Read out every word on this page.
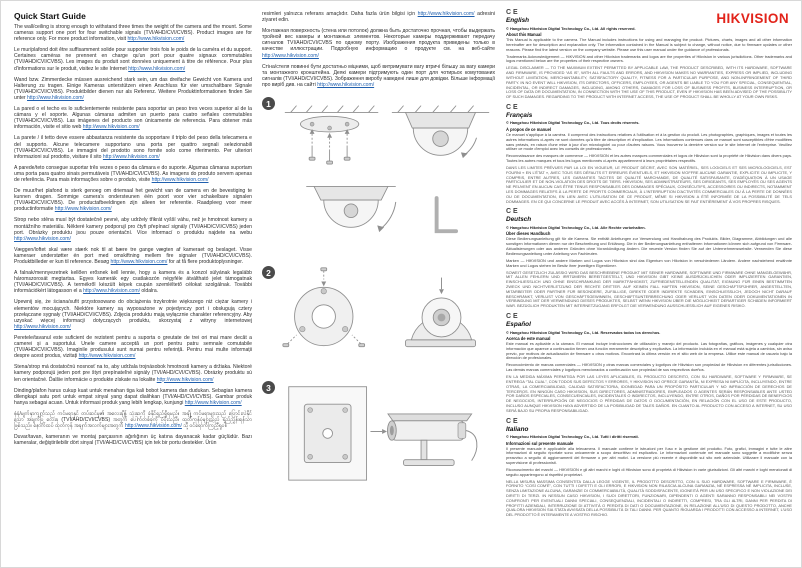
Quick Start Guide

The wall/ceiling is strong enough to withstand three times the weight of the camera and the mount. Some cameras support one port for four switchable signals (TVI/AHD/CVI/CVBS). Product images are for reference only. For more product information, visit http://www.hikvision.com/

Le mur/plafond doit être suffisamment solide pour supporter trois fois le poids de la caméra et du support. Certaines caméras ne prennent en charge qu'un port pour quatre signaux commutables (TVI/AHD/CVI/CVBS). Les images du produit sont données uniquement à titre de référence. Pour plus d'informations sur le produit, visitez le site Internet http://www.hikvision.com/

Wand bzw. Zimmerdecke müssen ausreichend stark sein, um das dreifache Gewicht von Kamera und Halterung zu tragen. Einige Kameras unterstützen einen Anschluss für vier umschaltbare Signale (TVI/AHD/CVI/CVBS). Produktbilder dienen nur als Referenz. Weitere Produktinformationen finden Sie unter http://www.hikvision.com/

La pared o el techo es lo suficientemente resistente para soportar un peso tres veces superior al de la cámara y el soporte. Algunas cámaras admiten un puerto para cuatro señales conmutables (TVI/AHD/CVI/CVBS). Las imágenes del producto son únicamente de referencia. Para obtener más información, visite el sitio web http://www.hikvision.com/

La parete / il tetto deve essere abbastanza resistente da sopportare il triplo del peso della telecamera e del supporto. Alcune telecamere supportano una porta per quattro segnali selezionabili (TVI/AHD/CVI/CVBS). Le immagini del prodotto sono fornite solo come riferimento. Per ulteriori informazioni sul prodotto, visitare il sito http://www.hikvision.com/

A parede/teto consegue suportar três vezes o peso da câmara e do suporte. Algumas câmaras suportam uma porta para quatro sinais permutáveis (TVI/AHD/CVI/CVBS). As imagens do produto servem apenas de referência. Para mais informações sobre o produto, visite http://www.hikvision.com/

De muur/het plafond is sterk genoeg om driemaal het gewicht van de camera en de bevestiging te kunnen dragen. Sommige camera's ondersteunen één poort voor vier schakelbare signalen (TVI/AHD/CVI/CVBS). De productafbeeldingen zijn alleen ter referentie. Raadpleeg voor meer productinformatie http://www.hikvision.com/

Strop nebo stěna musí být dostatečně pevné, aby udržely třikrát vyšší váhu, než je hmotnost kamery a montážního materiálu. Některé kamery podporují pro čtyři přepínací signály (TVI/AHD/CVI/CVBS) jeden port. Obrázky produktu jsou pouze orientační. Více informací o produktu najdete na webu http://www.hikvision.com/

Væggen/loftet skal være stærk nok til at bære tre gange vægten af kameraet og beslaget. Visse kameraer understøtter én port med omskiftning mellem fire signaler (TVI/AHD/CVI/CVBS). Produktbilleder er kun til reference. Besøg http://www.hikvision.com/ for at få flere produktoplysninger.

A falnak/mennyezetnek kellően erősnek kell lennie, hogy a kamera és a konzol súlyának legalább háromszorosát megtartsa. Egyes kamerák egy csatlakozón négyféle átváltható jelet támogatnak (TVI/AHD/CVI/CVBS). A termékről készült képek csupán szemléltető célokat szolgálnak. További információkért látogasson el a http://www.hikvision.com/ oldalra.

Upewnij się, że ściana/sufit przystosowano do obciążenia trzykrotnie większego niż ciężar kamery i elementów mocujących. Niektóre kamery są wyposażone w pojedynczy port i obsługują cztery przełączane sygnały (TVI/AHD/CVI/CVBS). Zdjęcia produktu mają wyłącznie charakter referencyjny. Aby uzyskać więcej informacji dotyczących produktu, skorzystaj z witryny internetowej http://www.hikvision.com/

Peretele/tavanul este suficient de rezistent pentru a suporta o greutate de trei ori mai mare decât a camerei și a suportului. Unele camere acceptă un port pentru patru semnale comutabile (TVI/AHD/CVI/CVBS). Imaginile produsului sunt numai pentru referință. Pentru mai multe informații despre acest produs, vizitați http://www.hikvision.com/

Stena/strop má dostatočnú nosnosť na to, aby udržala trojnásobok hmotnosti kamery a držiaka. Niektoré kamery podporujú jeden port pre štyri prepínateľné signály (TVI/AHD/CVI/CVBS). Obrázky produktu sú len orientačné. Ďalšie informácie o produkte získate na lokalite http://www.hikvision.com/

Dinding/plafon harus cukup kuat untuk menahan tiga kali bobot kamera dan dudukan. Sebagian kamera dilengkapi satu port untuk empat sinyal yang dapat dialihkan (TVI/AHD/CVI/CVBS). Gambar produk hanya sebagai acuan. Untuk informasi produk yang lebih lengkap, kunjungi http://www.hikvision.com/

နံရံ/မျက်နှာကျက်သည် ကင်မရာနှင့် တပ်ဆင်မှု၏ အလေးချိန် သုံးဆကို ခံနိုင်ရည်ရှိရမည်။ အချို့ ကင်မရာများသည် ပြောင်းလဲနိုင်သော အချက်ပြ လေးခု (TVI/AHD/CVI/CVBS) အတွက် ပေါက်တစ်ခုကို ပံ့ပိုးသည်။ ထုတ်ကုန်ပုံများသည် ရည်ညွှန်းရန်သာ ဖြစ်သည်။ နောက်ထပ် ထုတ်ကုန် အချက်အလက်များအတွက် http://www.hikvision.com/ သို့ ဝင်ရောက်ကြည့်ရှုပါ။

Duvar/tavan, kameranın ve montaj parçasının ağırlığının üç katına dayanacak kadar güçlüdür. Bazı kameralar, değiştirilebilir dört sinyal (TVI/AHD/CVI/CVBS) için tek bir portu destekler. Ürün

resimleri yalnızca referans amaçlıdır. Daha fazla ürün bilgisi için http://www.hikvision.com/ adresini ziyaret edin.

Монтажная поверхность (стена или потолок) должна быть достаточно прочная, чтобы выдержать тройной вес камеры и монтажных элементов. Некоторые камеры поддерживают передачу сигналов TVI/AHD/CVI/CVBS по одному порту. Изображения продукта приведены только в качестве иллюстрации. Подробную информацию о продукте см. на веб-сайте http://www.hikvision.com/

Стіна/стеля повинні бути достатньо міцними, щоб витримувати вагу втричі більшу за вагу камери та монтажного кронштейна. Деякі камери підтримують один порт для чотирьох комутованих сигналів (TVI/AHD/CVI/CVBS). Зображення виробу наведені лише для довідки. Більше інформації про виріб див. на сайті http://www.hikvision.com/

1
2
3
HIKVISION
CE
English
© Hangzhou Hikvision Digital Technology Co., Ltd. All rights reserved.
About this Manual

This Manual is applicable to the camera. The Manual includes instructions for using and managing the product. Pictures, charts, images and all other information hereinafter are for description and explanation only. The information contained in the Manual is subject to change, without notice, due to firmware updates or other reasons. Please find the latest version on the company website. Please use this user manual under the guidance of professionals.

Trademarks Acknowledgement — HIKVISION and other Hikvision trademarks and logos are the properties of Hikvision in various jurisdictions. Other trademarks and logos mentioned below are the properties of their respective owners.

LEGAL DISCLAIMER — TO THE MAXIMUM EXTENT PERMITTED BY APPLICABLE LAW, THE PRODUCT DESCRIBED, WITH ITS HARDWARE, SOFTWARE AND FIRMWARE, IS PROVIDED “AS IS”, WITH ALL FAULTS AND ERRORS, AND HIKVISION MAKES NO WARRANTIES, EXPRESS OR IMPLIED, INCLUDING WITHOUT LIMITATION, MERCHANTABILITY, SATISFACTORY QUALITY, FITNESS FOR A PARTICULAR PURPOSE, AND NON-INFRINGEMENT OF THIRD PARTY. IN NO EVENT WILL HIKVISION, ITS DIRECTORS, OFFICERS, EMPLOYEES, OR AGENTS BE LIABLE TO YOU FOR ANY SPECIAL, CONSEQUENTIAL, INCIDENTAL, OR INDIRECT DAMAGES, INCLUDING, AMONG OTHERS, DAMAGES FOR LOSS OF BUSINESS PROFITS, BUSINESS INTERRUPTION, OR LOSS OF DATA OR DOCUMENTATION, IN CONNECTION WITH THE USE OF THIS PRODUCT, EVEN IF HIKVISION HAS BEEN ADVISED OF THE POSSIBILITY OF SUCH DAMAGES. REGARDING TO THE PRODUCT WITH INTERNET ACCESS, THE USE OF PRODUCT SHALL BE WHOLLY AT YOUR OWN RISKS.

CE
Français
© Hangzhou Hikvision Digital Technology Co., Ltd. Tous droits réservés.
À propos de ce manuel

Ce manuel s'applique à la caméra. Il comprend des instructions relatives à l'utilisation et à la gestion du produit. Les photographies, graphiques, images et toutes les autres informations ci-après ne sont données qu'à titre de description et d'explication. Les informations contenues dans ce manuel sont susceptibles d'être modifiées sans préavis, en raison d'une mise à jour d'un micrologiciel ou pour d'autres raisons. Vous trouverez la dernière version sur le site Internet de l'entreprise. Veuillez utiliser ce mode d'emploi avec les conseils de professionnels.

Reconnaissance des marques de commerce — HIKVISION et les autres marques commerciales et logos de Hikvision sont la propriété de Hikvision dans divers pays. Toutes les autres marques et tous les logos mentionnés ci-après appartiennent à leurs propriétaires respectifs.

DANS LES LIMITES PRÉVUES PAR LA LOI EN VIGUEUR, LE PRODUIT DÉCRIT, AVEC SON MATÉRIEL, SES LOGICIELS ET SES MICROLOGICIELS, EST FOURNI « EN L'ÉTAT », AVEC TOUS SES DÉFAUTS ET ERREURS ÉVENTUELS, ET HIKVISION N'OFFRE AUCUNE GARANTIE, EXPLICITE OU IMPLICITE, Y COMPRIS, ENTRE AUTRES, LES GARANTIES TACITES DE QUALITÉ MARCHANDE, DE QUALITÉ SATISFAISANTE, D'ADÉQUATION À UN USAGE PARTICULIER ET DE NON-VIOLATION DES DROITS DE TIERS. HIKVISION, SES ADMINISTRATEURS, SES DIRIGEANTS, SES EMPLOYÉS OU SES AGENTS NE PEUVENT EN AUCUN CAS ÊTRE TENUS RESPONSABLES DES DOMMAGES SPÉCIAUX, CONSÉCUTIFS, ACCESSOIRES OU INDIRECTS, NOTAMMENT LES DOMMAGES RELATIFS À LA PERTE DE PROFITS COMMERCIAUX, À L'INTERRUPTION D'ACTIVITÉS COMMERCIALES OU À LA PERTE DE DONNÉES OU DE DOCUMENTATION, EN LIEN AVEC L'UTILISATION DE CE PRODUIT, MÊME SI HIKVISION A ÉTÉ INFORMÉE DE LA POSSIBILITÉ DE TELS DOMMAGES. EN CE QUI CONCERNE LE PRODUIT AVEC ACCÈS À INTERNET, SON UTILISATION SE FAIT ENTIÈREMENT À VOS PROPRES RISQUES.

CE
Deutsch
© Hangzhou Hikvision Digital Technology Co., Ltd. Alle Rechte vorbehalten.
Über dieses Handbuch

Diese Bedienungsanleitung gilt für die Kamera. Sie enthält Anleitungen zur Verwendung und Handhabung des Produkts. Bilder, Diagramme, Abbildungen und alle sonstigen Informationen dienen nur der Beschreibung und Erklärung. Die in der Bedienungsanleitung enthaltenen Informationen können sich aufgrund von Firmware-Aktualisierungen oder aus anderen Gründen ohne Vorankündigung ändern. Die neueste Version finden Sie auf der Unternehmenswebsite. Verwenden Sie diese Bedienungsanleitung unter Anleitung von Fachleuten.

Marken — HIKVISION und andere Marken und Logos von Hikvision sind das Eigentum von Hikvision in verschiedenen Ländern. Andere nachstehend erwähnte Marken und Logos stehen im Besitz ihrer jeweiligen Eigentümer.

SOWEIT GESETZLICH ZULÄSSIG WIRD DAS BESCHRIEBENE PRODUKT MIT SEINER HARDWARE, SOFTWARE UND FIRMWARE OHNE MÄNGELGEWÄHR, MIT ALLEN FEHLERN UND IRRTÜMERN BEREITGESTELLT, UND HIKVISION GIBT KEINE AUSDRÜCKLICHEN ODER IMPLIZIERTEN GARANTIEN, EINSCHLIESSLICH UND OHNE EINSCHRÄNKUNG DER MARKTFÄHIGKEIT, ZUFRIEDENSTELLENDEN QUALITÄT, EIGNUNG FÜR EINEN BESTIMMTEN ZWECK UND NICHTVERLETZUNG DER RECHTE DRITTER. AUF KEINEN FALL HAFTEN HIKVISION, SEINE GESCHÄFTSFÜHRER, ANGESTELLTEN, MITARBEITER ODER PARTNER FÜR BESONDERE, ZUFÄLLIGE, DIREKTE ODER INDIREKTE SCHÄDEN, EINSCHLIESSLICH, JEDOCH NICHT DARAUF BESCHRÄNKT, VERLUST VON GESCHÄFTSGEWINNEN, GESCHÄFTSUNTERBRECHUNG ODER VERLUST VON DATEN ODER DOKUMENTATIONEN IN VERBINDUNG MIT DER VERWENDUNG DIESES PRODUKTES, SELBST WENN HIKVISION ÜBER DIE MÖGLICHKEIT DERARTIGER SCHÄDEN INFORMIERT WAR. BEZÜGLICH PRODUKTEN MIT INTERNETZUGANG ERFOLGT DIE VERWENDUNG AUSSCHLIESSLICH AUF EIGENES RISIKO.

CE
Español
© Hangzhou Hikvision Digital Technology Co., Ltd. Reservados todos los derechos.
Acerca de este manual

Este manual es aplicable a la cámara. El manual incluye instrucciones de utilización y manejo del producto. Las fotografías, gráficos, imágenes y cualquier otra información que aparece a continuación tienen una función meramente descriptiva y explicativa. La información incluida en el manual está sujeta a cambios, sin aviso previo, por motivos de actualización de firmware u otros motivos. Encontrará la última versión en el sitio web de la empresa. Utilice este manual de usuario bajo la dirección de profesionales.

Reconocimiento de marcas comerciales — HIKVISION y otras marcas comerciales y logotipos de Hikvision son propiedad de Hikvision en diferentes jurisdicciones. Las demás marcas comerciales y logotipos mencionados a continuación son propiedad de sus respectivos dueños.

EN LA MEDIDA MÁXIMA PERMITIDA POR LAS LEYES APLICABLES, EL PRODUCTO DESCRITO, CON SU HARDWARE, SOFTWARE Y FIRMWARE, SE ENTREGA “TAL CUAL”, CON TODOS SUS DEFECTOS Y ERRORES, Y HIKVISION NO OFRECE GARANTÍA, NI EXPRESA NI IMPLÍCITA, INCLUYENDO, ENTRE OTRAS, LA COMERCIABILIDAD, CALIDAD SATISFACTORIA, IDONEIDAD PARA UN PROPÓSITO PARTICULAR Y NO INFRACCIÓN DE DERECHOS DE TERCEROS. EN NINGÚN CASO HIKVISION, SUS DIRECTORES, ADMINISTRADORES, EMPLEADOS O AGENTES SERÁN RESPONSABLES ANTE USTED POR DAÑOS ESPECIALES, CONSECUENCIALES, INCIDENTALES O INDIRECTOS, INCLUYENDO, ENTRE OTROS, DAÑOS POR PÉRDIDAS DE BENEFICIOS DE NEGOCIOS, INTERRUPCIÓN DE NEGOCIOS O PÉRDIDAS DE DATOS O DOCUMENTACIÓN, EN RELACIÓN CON EL USO DE ESTE PRODUCTO, INCLUSO AUNQUE HIKVISION HAYA ADVERTIDO DE LA POSIBILIDAD DE TALES DAÑOS. EN CUANTO AL PRODUCTO CON ACCESO A INTERNET, SU USO SERÁ BAJO SU PROPIA RESPONSABILIDAD.

CE
Italiano
© Hangzhou Hikvision Digital Technology Co., Ltd. Tutti i diritti riservati.
Informazioni sul presente manuale

Il presente manuale è applicabile alla telecamera. Il manuale contiene le istruzioni per l'uso e la gestione del prodotto. Foto, grafici, immagini e tutte le altre informazioni di seguito riportate sono unicamente a scopo descrittivo ed esplicativo. Le informazioni contenute nel manuale sono soggette a modifiche senza preavviso a seguito di aggiornamenti del firmware o per altri motivi. La versione più recente è disponibile sul sito web aziendale. Utilizzare il manuale con la supervisione di professionisti.

Riconoscimento dei marchi — HIKVISION e gli altri marchi e loghi di Hikvision sono di proprietà di Hikvision in varie giurisdizioni. Gli altri marchi e loghi menzionati di seguito appartengono ai rispettivi proprietari.

NELLA MISURA MASSIMA CONSENTITA DALLA LEGGE VIGENTE, IL PRODOTTO DESCRITTO, CON IL SUO HARDWARE, SOFTWARE E FIRMWARE, È FORNITO “COSÌ COM'È”, CON TUTTI I DIFETTI E GLI ERRORI, E HIKVISION NON RILASCIA ALCUNA GARANZIA, NÉ ESPRESSA NÉ IMPLICITA, INCLUSE, SENZA LIMITAZIONE ALCUNA, GARANZIE DI COMMERCIABILITÀ, QUALITÀ SODDISFACENTE, IDONEITÀ PER UN USO SPECIFICO E NON VIOLAZIONE DEI DIRITTI DI TERZI. IN NESSUN CASO HIKVISION, I SUOI DIRETTORI, FUNZIONARI, DIPENDENTI O AGENTI SARANNO RESPONSABILI NEI VOSTRI CONFRONTI PER EVENTUALI DANNI SPECIALI, CONSEQUENZIALI, INCIDENTALI O INDIRETTI, COMPRESI, TRA GLI ALTRI, DANNI PER PERDITA DI PROFITTI AZIENDALI, INTERRUZIONE DI ATTIVITÀ O PERDITA DI DATI O DOCUMENTAZIONE, IN RELAZIONE ALL'USO DI QUESTO PRODOTTO, ANCHE QUALORA HIKVISION SIA STATA AVVISATA DELLA POSSIBILITÀ DI TALI DANNI. PER QUANTO RIGUARDA I PRODOTTI CON ACCESSO A INTERNET, L'USO DEL PRODOTTO È INTERAMENTE A VOSTRO RISCHIO.
